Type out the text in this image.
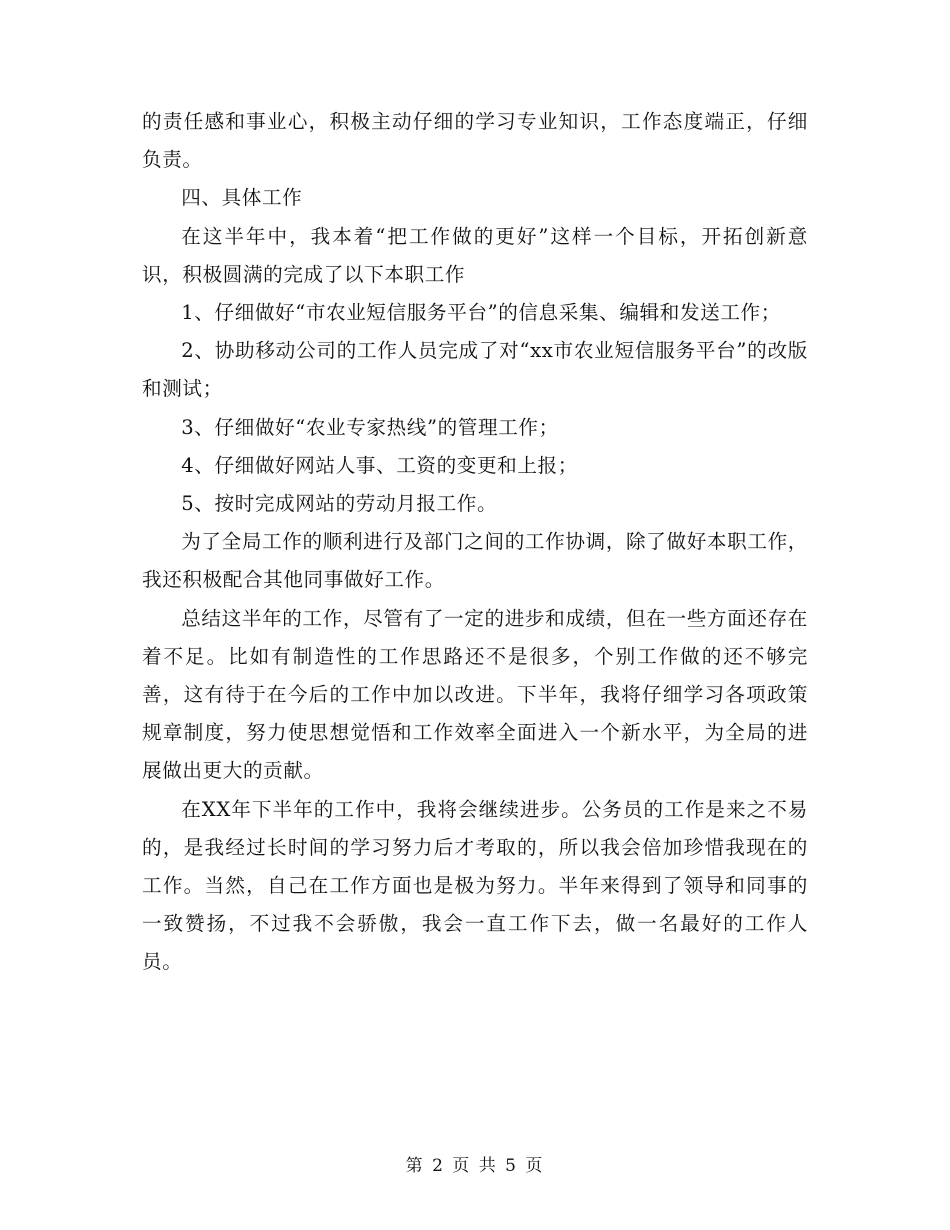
的责任感和事业心，积极主动仔细的学习专业知识，工作态度端正，仔细负责。

四、具体工作

在这半年中，我本着“把工作做的更好”这样一个目标，开拓创新意识，积极圆满的完成了以下本职工作

1、仔细做好“市农业短信服务平台”的信息采集、编辑和发送工作；

2、协助移动公司的工作人员完成了对“xx市农业短信服务平台”的改版和测试；

3、仔细做好“农业专家热线”的管理工作；

4、仔细做好网站人事、工资的变更和上报；

5、按时完成网站的劳动月报工作。

为了全局工作的顺利进行及部门之间的工作协调，除了做好本职工作，我还积极配合其他同事做好工作。

总结这半年的工作，尽管有了一定的进步和成绩，但在一些方面还存在着不足。比如有制造性的工作思路还不是很多，个别工作做的还不够完善，这有待于在今后的工作中加以改进。下半年，我将仔细学习各项政策规章制度，努力使思想觉悟和工作效率全面进入一个新水平，为全局的进展做出更大的贡献。

在XX年下半年的工作中，我将会继续进步。公务员的工作是来之不易的，是我经过长时间的学习努力后才考取的，所以我会倍加珍惜我现在的工作。当然，自己在工作方面也是极为努力。半年来得到了领导和同事的一致赞扬，不过我不会骄傲，我会一直工作下去，做一名最好的工作人员。

第 2 页 共 5 页
